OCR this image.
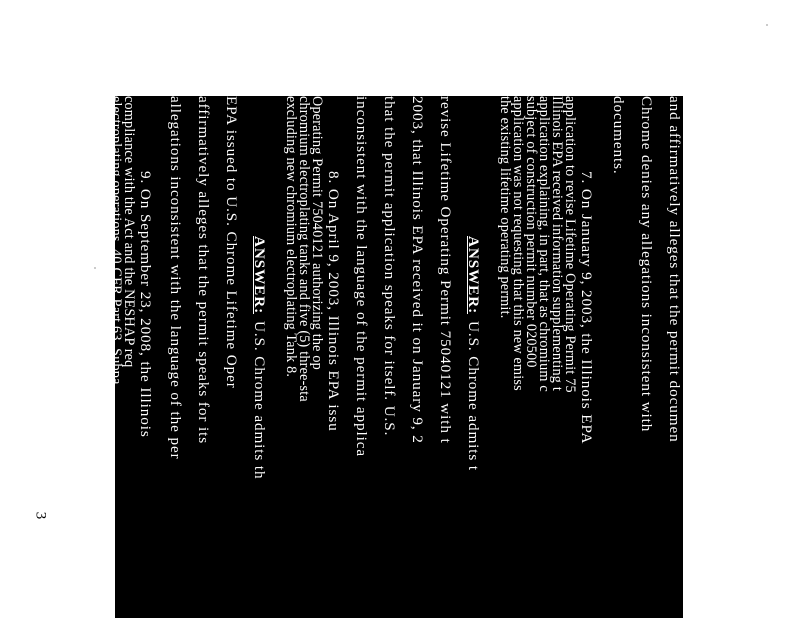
3
and affirmatively alleges that the permit documen
Chrome denies any allegations inconsistent with
documents.
7. On January 9, 2003, the Illinois EPA
application to revise Lifetime Operating Permit 75
Illinois EPA received information supplementing t
application explaining, in part, that as chromium c
subject of construction permit number 020500
application was not requesting that this new emiss
the existing lifetime operating permit.
ANSWER:
U.S. Chrome admits t
revise Lifetime Operating Permit 75040121 with t
2003, that Illinois EPA received it on January 9, 2
that the permit application speaks for itself. U.S.
inconsistent with the language of the permit applica
8. On April 9, 2003, Illinois EPA issu
Operating Permit 75040121 authorizing the op
chromium electroplating tanks and five (5) three-sta
excluding new chromium electroplating Tank 8.
ANSWER:
U.S. Chrome admits th
EPA issued to U.S. Chrome Lifetime Oper
affirmatively alleges that the permit speaks for its
allegations inconsistent with the language of the per
9. On September 23, 2008, the Illinois
compliance with the Act and the NESHAP req
electroplating operations, 40 CFR Part 63, Subpa
Illinois EPA observed that U.S. Chrome had conv
cleaner tank to a hard chromium electroplating
connected CMP Unit 5 to both the Tank 9 and
